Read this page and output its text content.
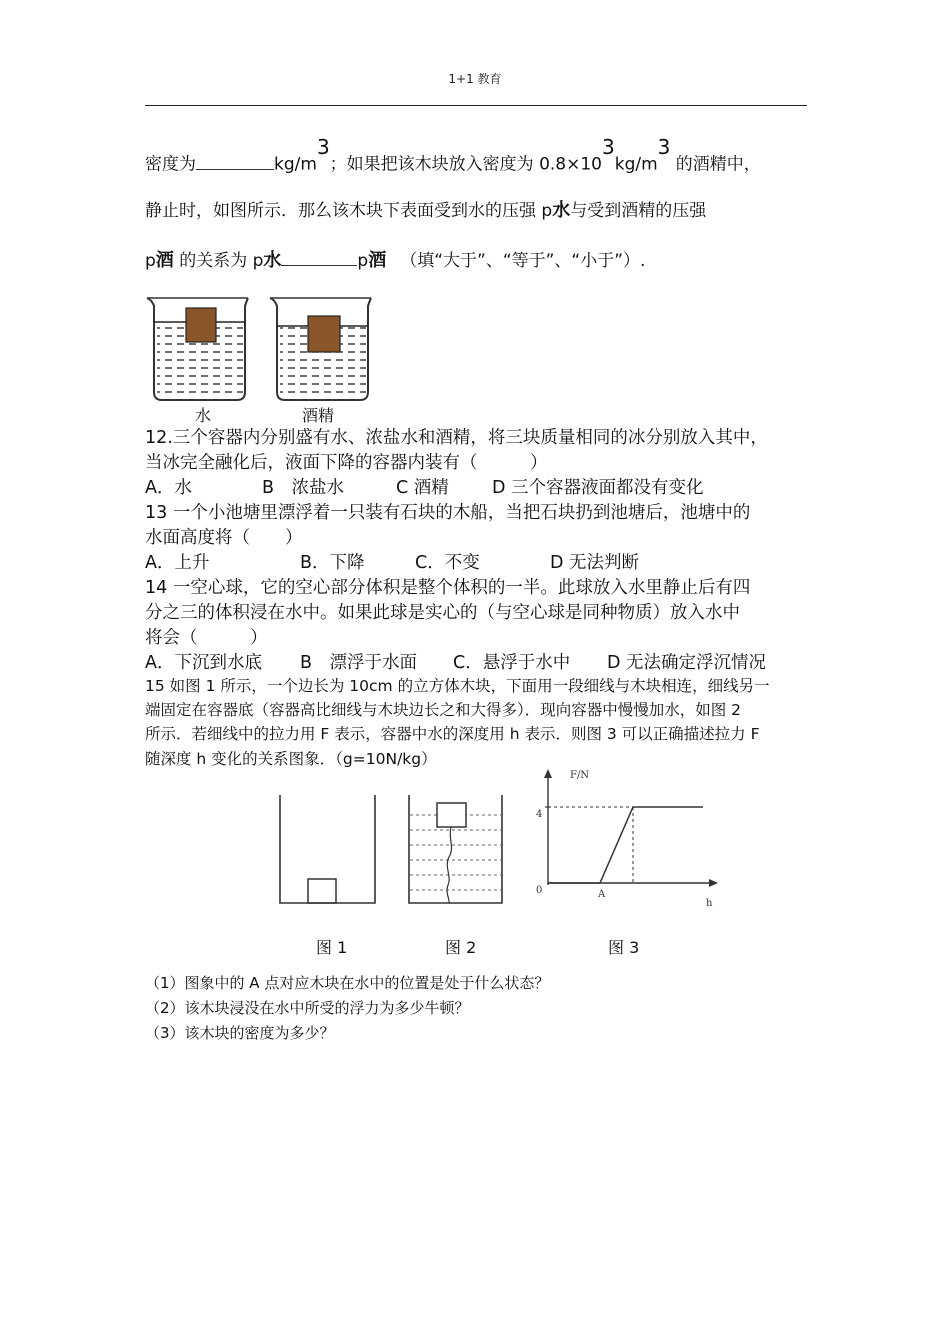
1+1 教育
密度为	$kg/m^3$；如果把该木块放入密度为 $0.8\times 10^3kg/m^3$ 的酒精中，
静止时，如图所示．那么该木块下表面受到水的压强 p水与受到酒精的压强
p酒 的关系为 p水	p酒 （填“大于”、“等于”、“小于”）.
水	酒精
12.三个容器内分别盛有水、浓盐水和酒精，将三块质量相同的冰分别放入其中，
当冰完全融化后，液面下降的容器内装有（　　　）
A．水	B　浓盐水	C 酒精 D 三个容器液面都没有变化
13 一个小池塘里漂浮着一只装有石块的木船，当把石块扔到池塘后，池塘中的
水面高度将（　　）
A．上升	B．下降	C．不变	D 无法判断
14 一空心球，它的空心部分体积是整个体积的一半。此球放入水里静止后有四
分之三的体积浸在水中。如果此球是实心的（与空心球是同种物质）放入水中
将会（　　　）
A．下沉到水底 B　漂浮于水面 C．悬浮于水中 D 无法确定浮沉情况
15 如图 1 所示，一个边长为 10cm 的立方体木块，下面用一段细线与木块相连，细线另一
端固定在容器底（容器高比细线与木块边长之和大得多）．现向容器中慢慢加水，如图 2
所示．若细线中的拉力用 F 表示，容器中水的深度用 h 表示．则图 3 可以正确描述拉力 F
随深度 h 变化的关系图象．（g=10N/kg）
F/N
4
0	A
h
图 1	图 2	图 3
（1）图象中的 A 点对应木块在水中的位置是处于什么状态？
（2）该木块浸没在水中所受的浮力为多少牛顿？
（3）该木块的密度为多少？
